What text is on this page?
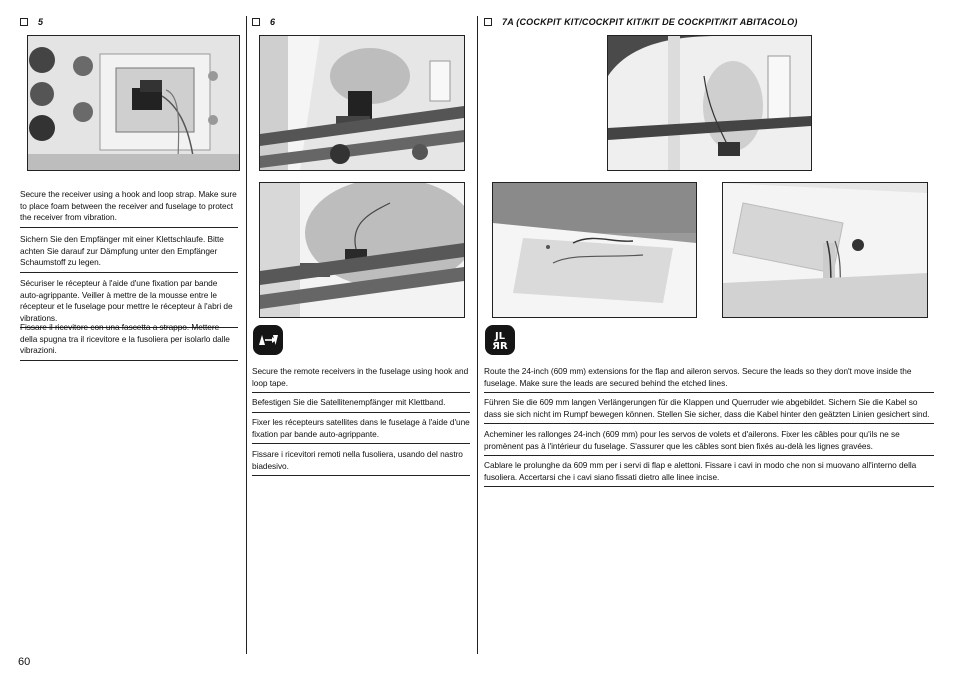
5
Secure the receiver using a hook and loop strap. Make sure to place foam between the receiver and fuselage to protect the receiver from vibration.
Sichern Sie den Empfänger mit einer Klettschlaufe. Bitte achten Sie darauf zur Dämpfung unter den Empfänger Schaumstoff zu legen.
Sécuriser le récepteur à l'aide d'une fixation par bande auto-agrippante. Veiller à mettre de la mousse entre le récepteur et le fuselage pour mettre le récepteur à l'abri de vibrations.
Fissare il ricevitore con una fascetta a strappo. Mettere della spugna tra il ricevitore e la fusoliera per isolarlo dalle vibrazioni.
6
Secure the remote receivers in the fuselage using hook and loop tape.
Befestigen Sie die Satellitenempfänger mit Klettband.
Fixer les récepteurs satellites dans le fuselage à l'aide d'une fixation par bande auto-agrippante.
Fissare i ricevitori remoti nella fusoliera, usando del nastro biadesivo.
7A (COCKPIT KIT/COCKPIT KIT/KIT DE COCKPIT/KIT ABITACOLO)
JL
ЯR
Route the 24-inch (609 mm) extensions for the flap and aileron servos. Secure the leads so they don't move inside the fuselage. Make sure the leads are secured behind the etched lines.
Führen Sie die 609 mm langen Verlängerungen für die Klappen und Querruder wie abgebildet. Sichern Sie die Kabel so dass sie sich nicht im Rumpf bewegen können. Stellen Sie sicher, dass die Kabel hinter den geätzten Linien gesichert sind.
Acheminer les rallonges 24-inch (609 mm) pour les servos de volets et d'ailerons. Fixer les câbles pour qu'ils ne se promènent pas à l'intérieur du fuselage. S'assurer que les câbles sont bien fixés au-delà les lignes gravées.
Cablare le prolunghe da 609 mm per i servi di flap e alettoni. Fissare i cavi in modo che non si muovano all'interno della fusoliera. Accertarsi che i cavi siano fissati dietro alle linee incise.
60
